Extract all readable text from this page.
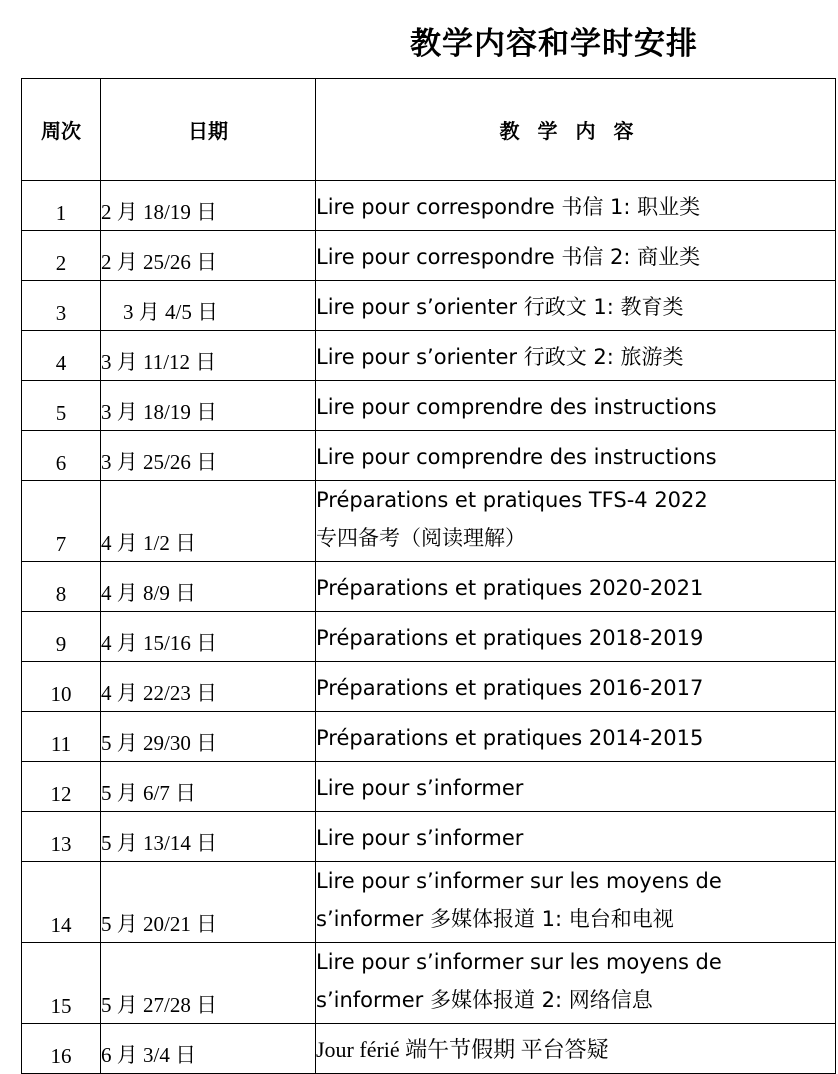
教学内容和学时安排
周次	日期	教学内容
1	2 月 18/19 日	Lire pour correspondre 书信 1: 职业类

2	2 月 25/26 日	Lire pour correspondre 书信 2: 商业类

3	3 月 4/5 日	Lire pour s’orienter 行政文 1: 教育类

4	3 月 11/12 日	Lire pour s’orienter 行政文 2: 旅游类

5	3 月 18/19 日	Lire pour comprendre des instructions

6	3 月 25/26 日	Lire pour comprendre des instructions

7	4 月 1/2 日	Préparations et pratiques TFS-4 2022
专四备考（阅读理解）

8	4 月 8/9 日	Préparations et pratiques 2020-2021

9	4 月 15/16 日	Préparations et pratiques 2018-2019

10	4 月 22/23 日	Préparations et pratiques 2016-2017

11	5 月 29/30 日	Préparations et pratiques 2014-2015

12	5 月 6/7 日	Lire pour s’informer

13	5 月 13/14 日	Lire pour s’informer

14	5 月 20/21 日	Lire pour s’informer sur les moyens de
s’informer 多媒体报道 1: 电台和电视

15	5 月 27/28 日	Lire pour s’informer sur les moyens de
s’informer 多媒体报道 2: 网络信息

16	6 月 3/4 日	Jour férié 端午节假期 平台答疑
